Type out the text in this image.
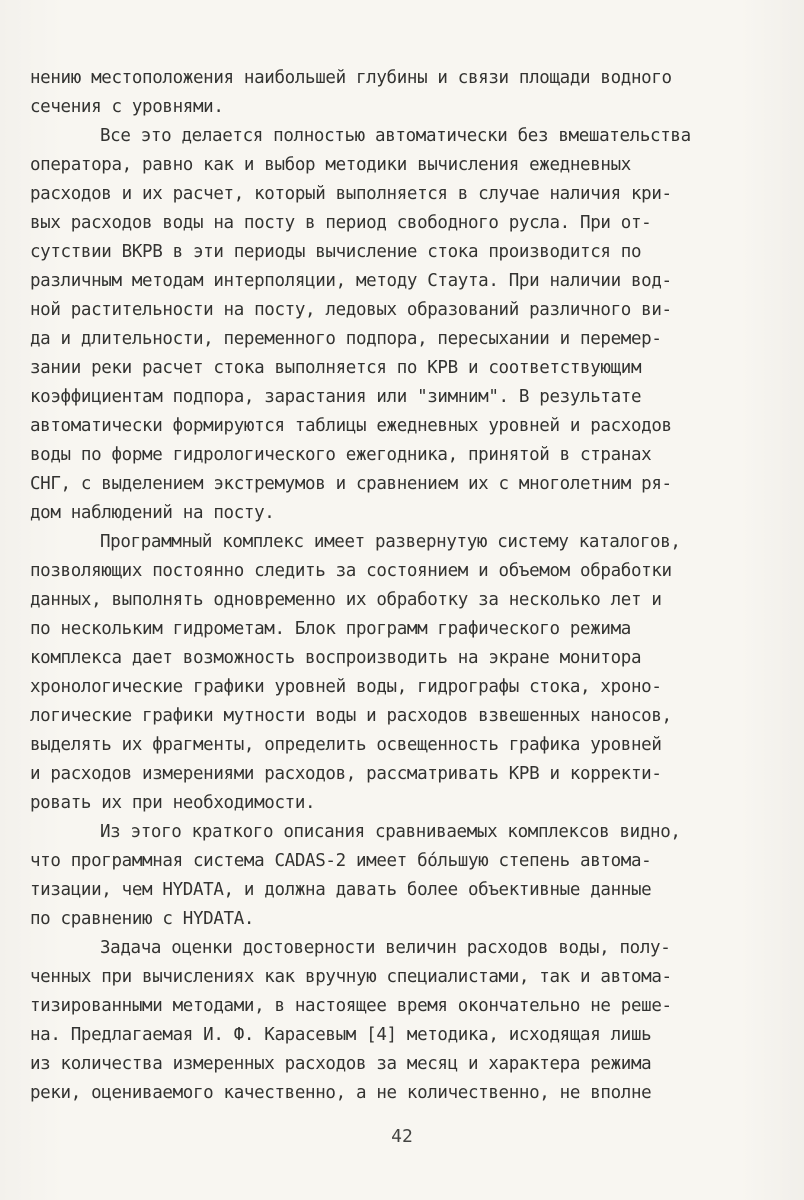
нению местоположения наибольшей глубины и связи площади водного
сечения с уровнями.
Все это делается полностью автоматически без вмешательства
оператора, равно как и выбор методики вычисления ежедневных
расходов и их расчет, который выполняется в случае наличия кри-
вых расходов воды на посту в период свободного русла. При от-
сутствии ВКРВ в эти периоды вычисление стока производится по
различным методам интерполяции, методу Стаута. При наличии вод-
ной растительности на посту, ледовых образований различного ви-
да и длительности, переменного подпора, пересыхании и перемер-
зании реки расчет стока выполняется по КРВ и соответствующим
коэффициентам подпора, зарастания или "зимним". В результате
автоматически формируются таблицы ежедневных уровней и расходов
воды по форме гидрологического ежегодника, принятой в странах
СНГ, с выделением экстремумов и сравнением их с многолетним ря-
дом наблюдений на посту.
Программный комплекс имеет развернутую систему каталогов,
позволяющих постоянно следить за состоянием и объемом обработки
данных, выполнять одновременно их обработку за несколько лет и
по нескольким гидрометам. Блок программ графического режима
комплекса дает возможность воспроизводить на экране монитора
хронологические графики уровней воды, гидрографы стока, хроно-
логические графики мутности воды и расходов взвешенных наносов,
выделять их фрагменты, определить освещенность графика уровней
и расходов измерениями расходов, рассматривать КРВ и корректи-
ровать их при необходимости.
Из этого краткого описания сравниваемых комплексов видно,
что программная система CADAS-2 имеет бóльшую степень автома-
тизации, чем HYDATA, и должна давать более объективные данные
по сравнению с HYDATA.
Задача оценки достоверности величин расходов воды, полу-
ченных при вычислениях как вручную специалистами, так и автома-
тизированными методами, в настоящее время окончательно не реше-
на. Предлагаемая И. Ф. Карасевым [4] методика, исходящая лишь
из количества измеренных расходов за месяц и характера режима
реки, оцениваемого качественно, а не количественно, не вполне
42
